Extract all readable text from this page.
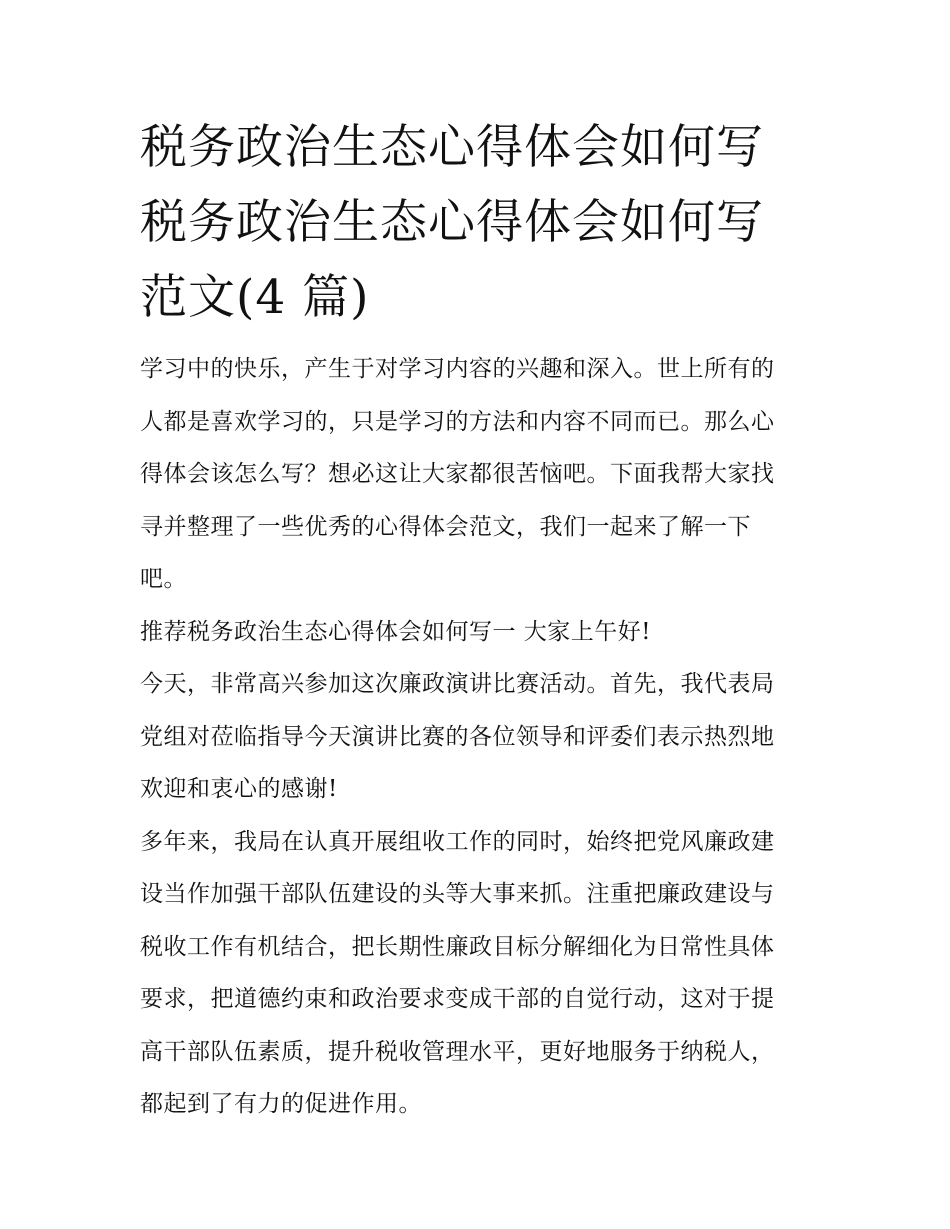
税务政治生态心得体会如何写
税务政治生态心得体会如何写
范文(4 篇)

学习中的快乐，产生于对学习内容的兴趣和深入。世上所有的
人都是喜欢学习的，只是学习的方法和内容不同而已。那么心
得体会该怎么写？想必这让大家都很苦恼吧。下面我帮大家找
寻并整理了一些优秀的心得体会范文，我们一起来了解一下
吧。

推荐税务政治生态心得体会如何写一 大家上午好!

今天，非常高兴参加这次廉政演讲比赛活动。首先，我代表局
党组对莅临指导今天演讲比赛的各位领导和评委们表示热烈地
欢迎和衷心的感谢!

多年来，我局在认真开展组收工作的同时，始终把党风廉政建
设当作加强干部队伍建设的头等大事来抓。注重把廉政建设与
税收工作有机结合，把长期性廉政目标分解细化为日常性具体
要求，把道德约束和政治要求变成干部的自觉行动，这对于提
高干部队伍素质，提升税收管理水平，更好地服务于纳税人，
都起到了有力的促进作用。
